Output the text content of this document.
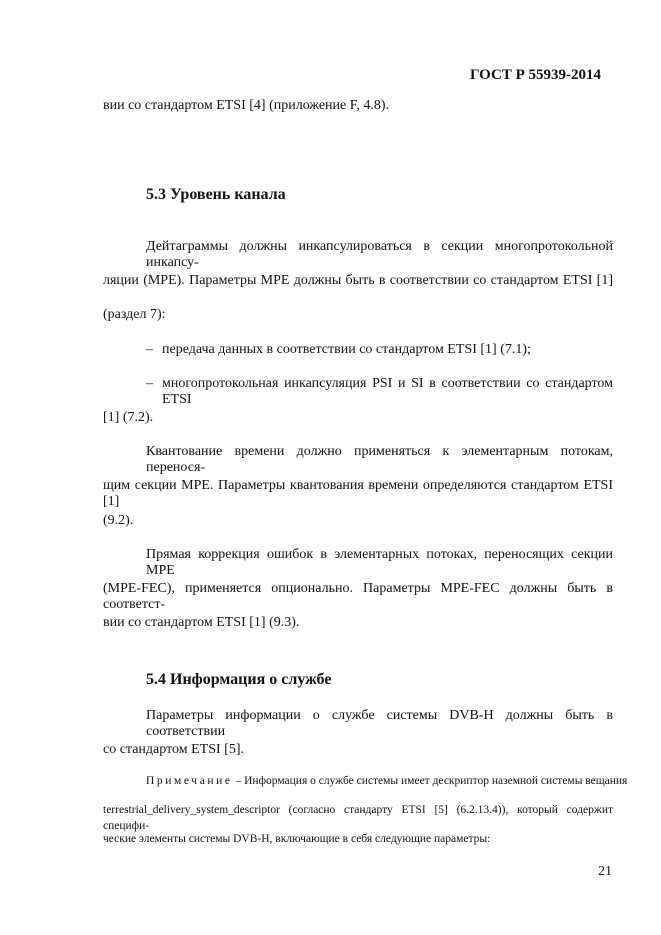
ГОСТ Р 55939-2014
вии со стандартом ETSI [4] (приложение F, 4.8).
5.3 Уровень канала
Дейтаграммы должны инкапсулироваться в секции многопротокольной инкапсу-
ляции (MPE). Параметры MPE должны быть в соответствии со стандартом ETSI [1]
(раздел 7):
– передача данных в соответствии со стандартом ETSI [1] (7.1);
– многопротокольная инкапсуляция PSI и SI в соответствии со стандартом ETSI
[1] (7.2).
Квантование времени должно применяться к элементарным потокам, перенося-
щим секции MPE. Параметры квантования времени определяются стандартом ETSI [1]
(9.2).
Прямая коррекция ошибок в элементарных потоках, переносящих секции MPE
(MPE-FEC), применяется опционально. Параметры MPE-FEC должны быть в соответст-
вии со стандартом ETSI [1] (9.3).
5.4 Информация о службе
Параметры информации о службе системы DVB-H должны быть в соответствии
со стандартом ETSI [5].
Примечание – Информация о службе системы имеет дескриптор наземной системы вещания
terrestrial_delivery_system_descriptor (согласно стандарту ETSI [5] (6.2.13.4)), который содержит специфи-
ческие элементы системы DVB-H, включающие в себя следующие параметры:
21
